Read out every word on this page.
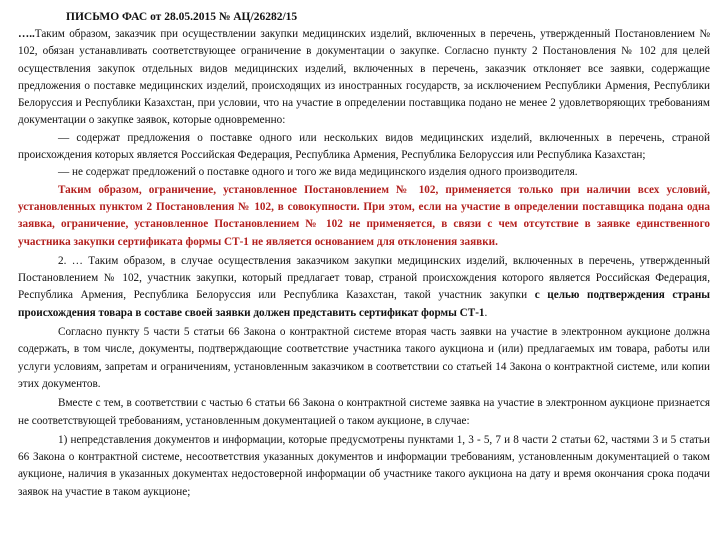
ПИСЬМО ФАС от 28.05.2015 № АЦ/26282/15

…..Таким образом, заказчик при осуществлении закупки медицинских изделий, включенных в перечень, утвержденный Постановлением № 102, обязан устанавливать соответствующее ограничение в документации о закупке. Согласно пункту 2 Постановления № 102 для целей осуществления закупок отдельных видов медицинских изделий, включенных в перечень, заказчик отклоняет все заявки, содержащие предложения о поставке медицинских изделий, происходящих из иностранных государств, за исключением Республики Армения, Республики Белоруссия и Республики Казахстан, при условии, что на участие в определении поставщика подано не менее 2 удовлетворяющих требованиям документации о закупке заявок, которые одновременно:

— содержат предложения о поставке одного или нескольких видов медицинских изделий, включенных в перечень, страной происхождения которых является Российская Федерация, Республика Армения, Республика Белоруссия или Республика Казахстан;

— не содержат предложений о поставке одного и того же вида медицинского изделия одного производителя.

Таким образом, ограничение, установленное Постановлением № 102, применяется только при наличии всех условий, установленных пунктом 2 Постановления № 102, в совокупности. При этом, если на участие в определении поставщика подана одна заявка, ограничение, установленное Постановлением № 102 не применяется, в связи с чем отсутствие в заявке единственного участника закупки сертификата формы СТ-1 не является основанием для отклонения заявки.

2. … Таким образом, в случае осуществления заказчиком закупки медицинских изделий, включенных в перечень, утвержденный Постановлением № 102, участник закупки, который предлагает товар, страной происхождения которого является Российская Федерация, Республика Армения, Республика Белоруссия или Республика Казахстан, такой участник закупки с целью подтверждения страны происхождения товара в составе своей заявки должен представить сертификат формы СТ-1.

Согласно пункту 5 части 5 статьи 66 Закона о контрактной системе вторая часть заявки на участие в электронном аукционе должна содержать, в том числе, документы, подтверждающие соответствие участника такого аукциона и (или) предлагаемых им товара, работы или услуги условиям, запретам и ограничениям, установленным заказчиком в соответствии со статьей 14 Закона о контрактной системе, или копии этих документов.

Вместе с тем, в соответствии с частью 6 статьи 66 Закона о контрактной системе заявка на участие в электронном аукционе признается не соответствующей требованиям, установленным документацией о таком аукционе, в случае:

1) непредставления документов и информации, которые предусмотрены пунктами 1, 3 - 5, 7 и 8 части 2 статьи 62, частями 3 и 5 статьи 66 Закона о контрактной системе, несоответствия указанных документов и информации требованиям, установленным документацией о таком аукционе, наличия в указанных документах недостоверной информации об участнике такого аукциона на дату и время окончания срока подачи заявок на участие в таком аукционе;
